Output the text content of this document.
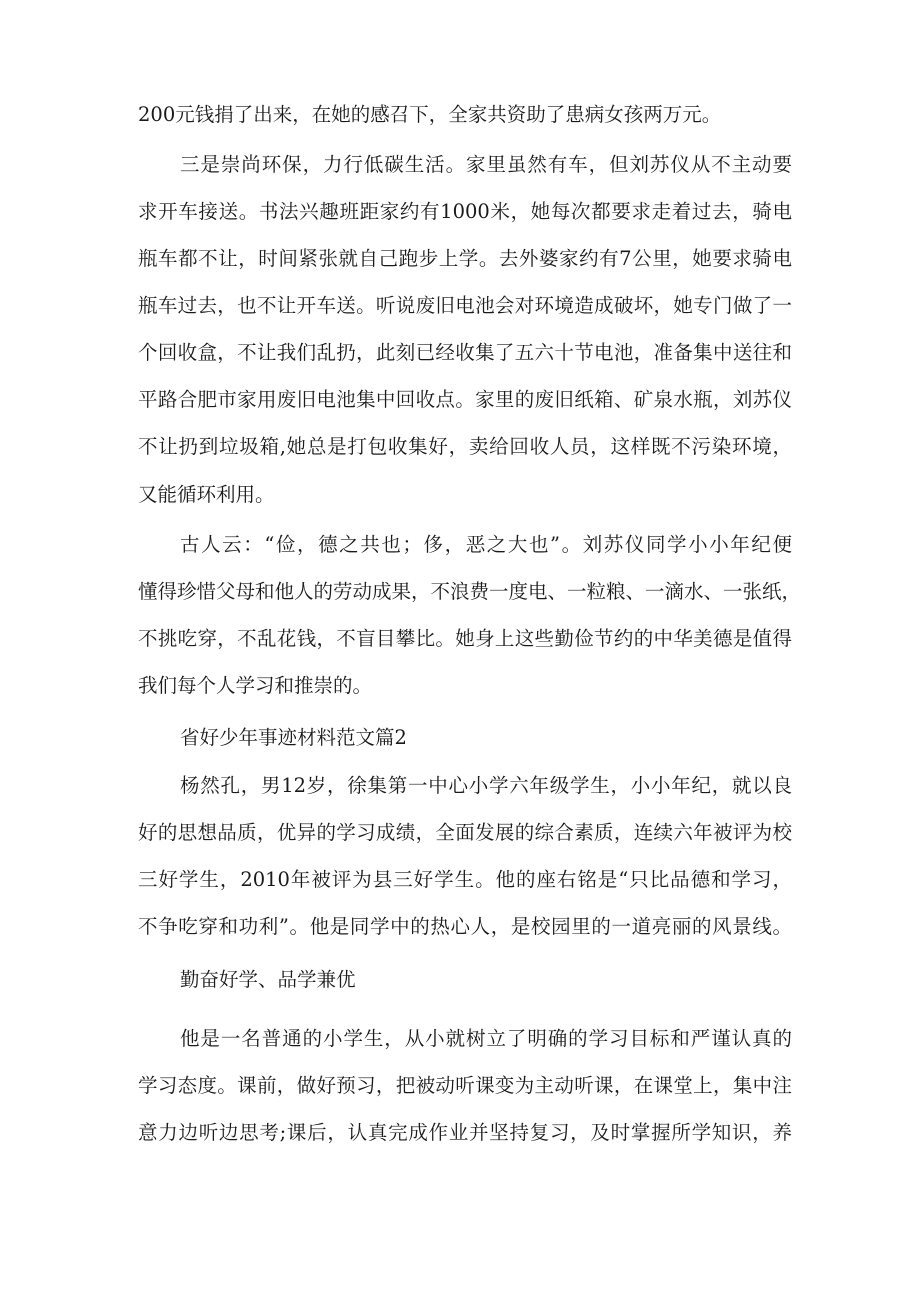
200元钱捐了出来，在她的感召下，全家共资助了患病女孩两万元。
三是崇尚环保，力行低碳生活。家里虽然有车，但刘苏仪从不主动要
求开车接送。书法兴趣班距家约有1000米，她每次都要求走着过去，骑电
瓶车都不让，时间紧张就自己跑步上学。去外婆家约有7公里，她要求骑电
瓶车过去，也不让开车送。听说废旧电池会对环境造成破坏，她专门做了一
个回收盒，不让我们乱扔，此刻已经收集了五六十节电池，准备集中送往和
平路合肥市家用废旧电池集中回收点。家里的废旧纸箱、矿泉水瓶，刘苏仪
不让扔到垃圾箱,她总是打包收集好，卖给回收人员，这样既不污染环境，
又能循环利用。
古人云：“俭，德之共也；侈，恶之大也”。刘苏仪同学小小年纪便
懂得珍惜父母和他人的劳动成果，不浪费一度电、一粒粮、一滴水、一张纸，
不挑吃穿，不乱花钱，不盲目攀比。她身上这些勤俭节约的中华美德是值得
我们每个人学习和推崇的。
省好少年事迹材料范文篇2
杨然孔，男12岁，徐集第一中心小学六年级学生，小小年纪，就以良
好的思想品质，优异的学习成绩，全面发展的综合素质，连续六年被评为校
三好学生，2010年被评为县三好学生。他的座右铭是“只比品德和学习，
不争吃穿和功利”。他是同学中的热心人，是校园里的一道亮丽的风景线。
勤奋好学、品学兼优
他是一名普通的小学生，从小就树立了明确的学习目标和严谨认真的
学习态度。课前，做好预习，把被动听课变为主动听课，在课堂上，集中注
意力边听边思考;课后，认真完成作业并坚持复习，及时掌握所学知识，养
